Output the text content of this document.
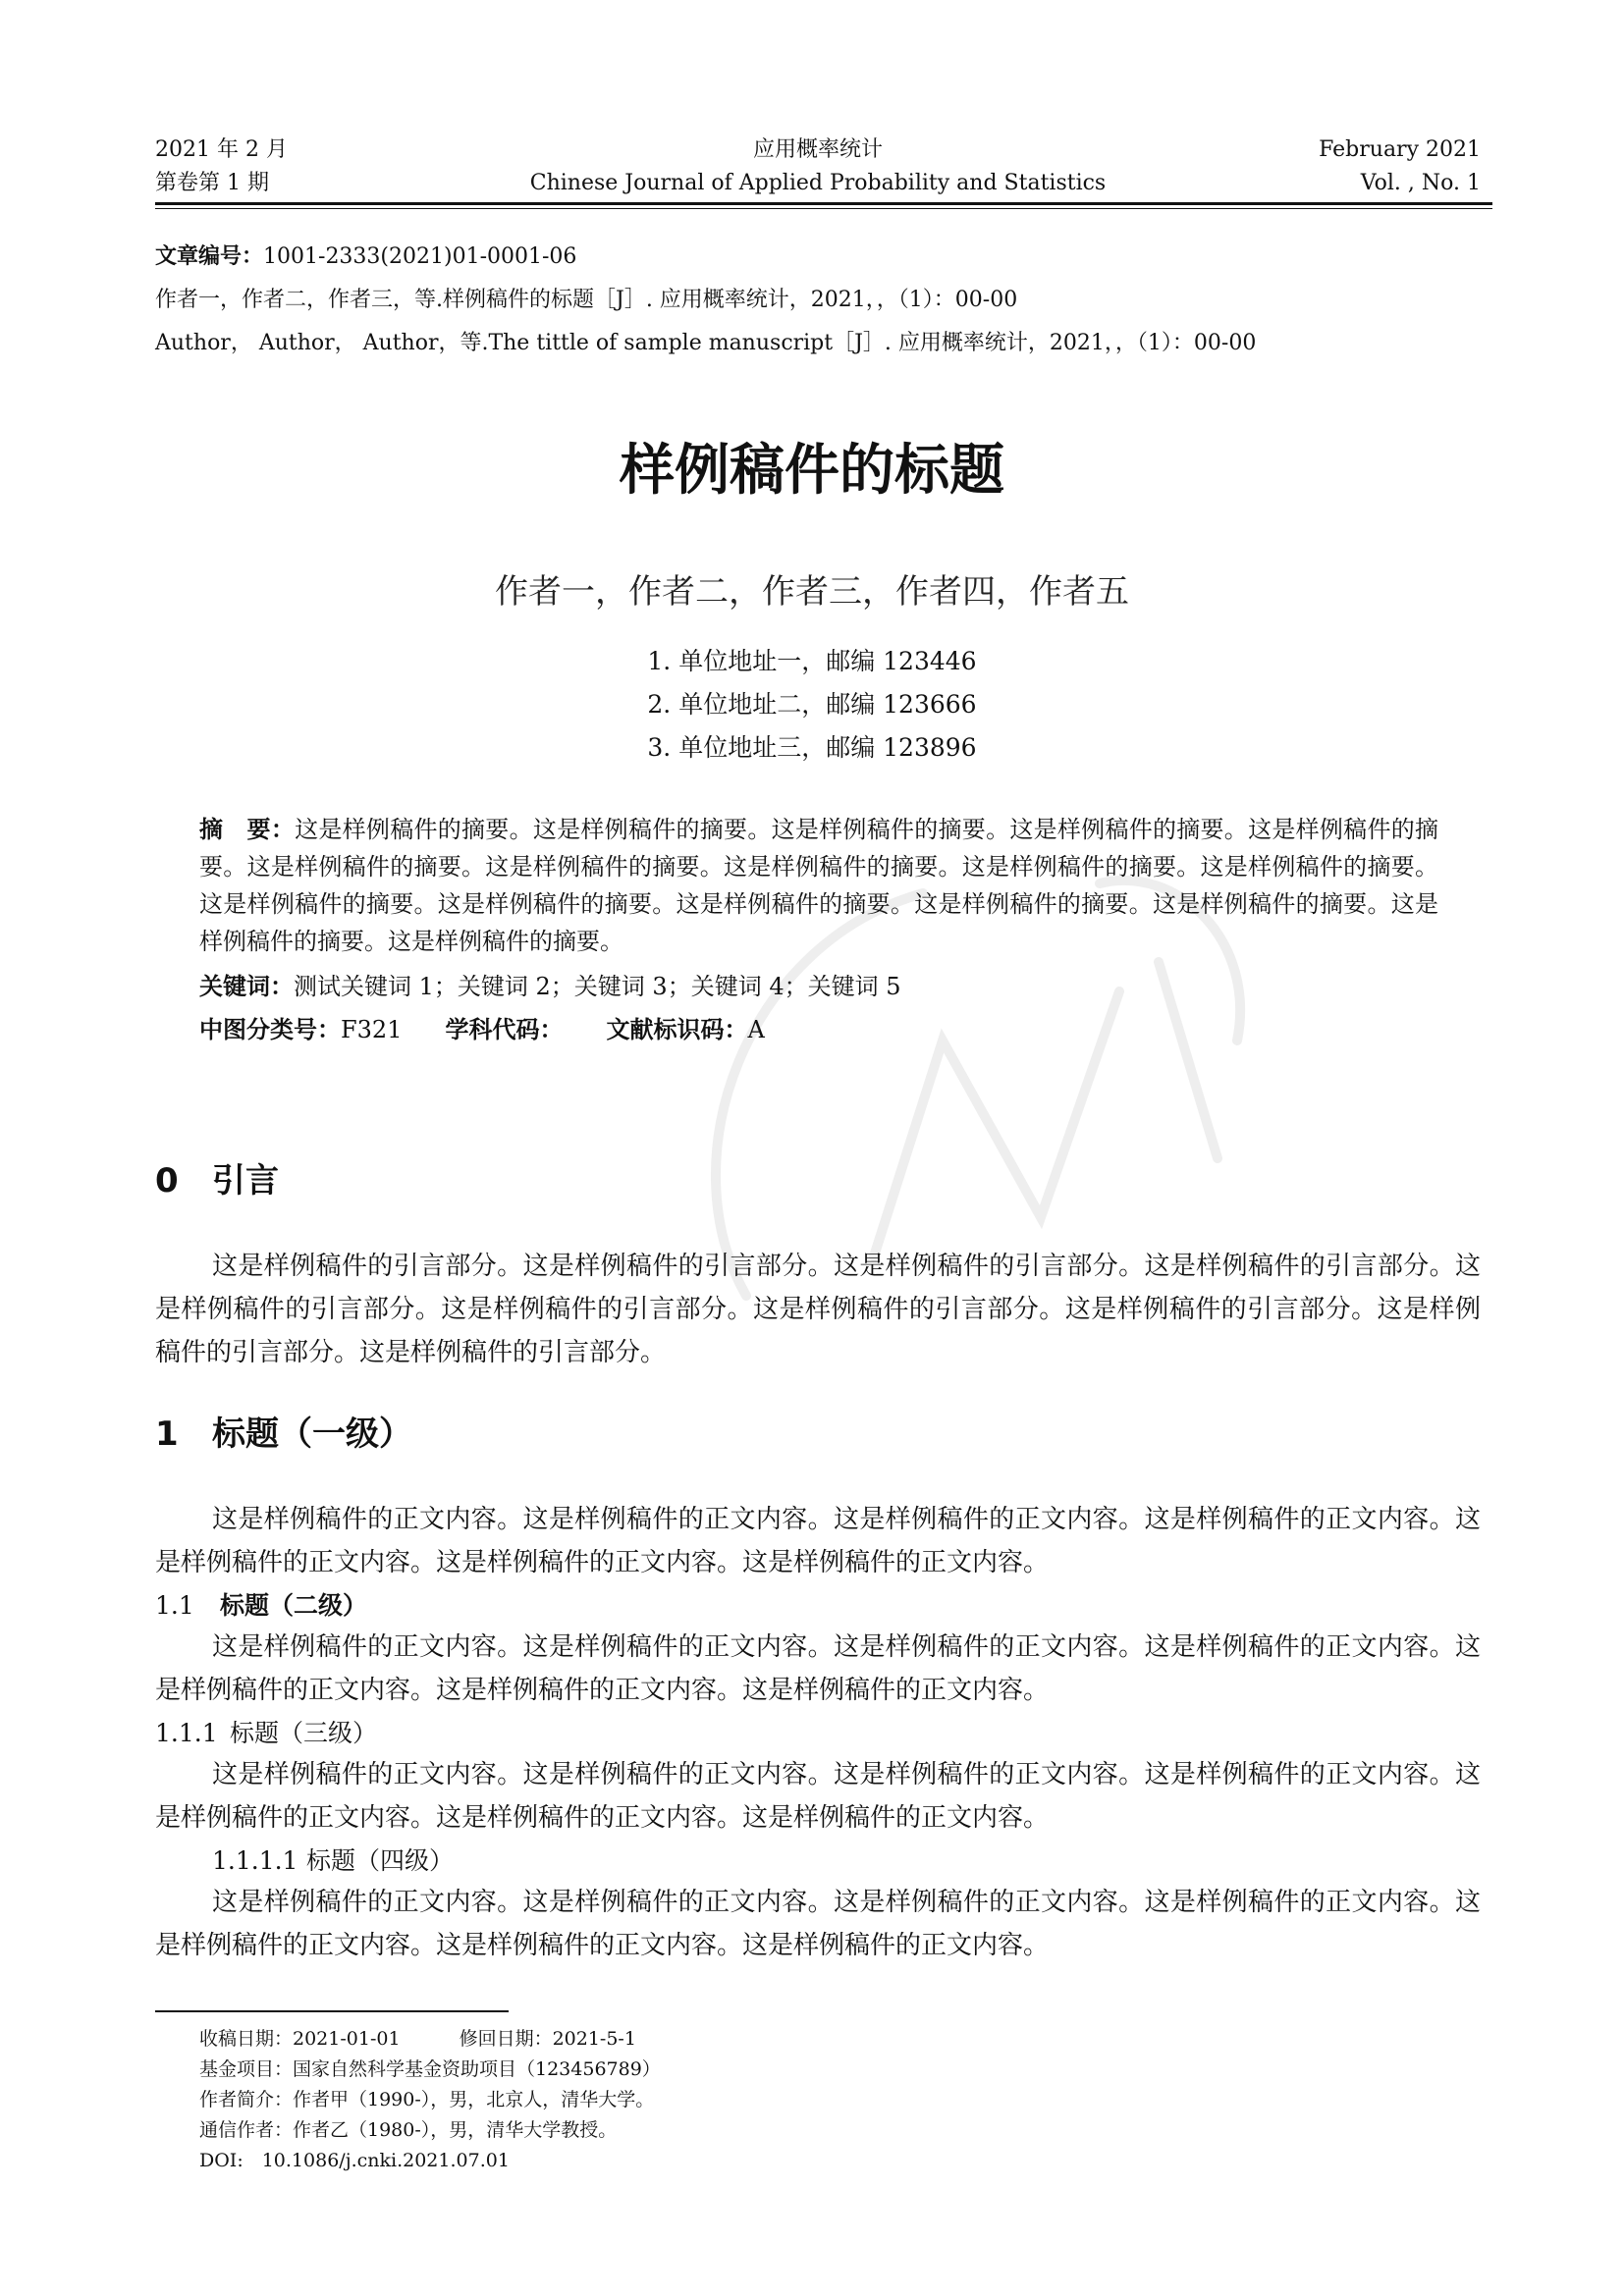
2021 年 2 月
第卷第 1 期
应用概率统计
Chinese Journal of Applied Probability and Statistics
February 2021
Vol. , No. 1
文章编号：1001-2333(2021)01-0001-06
作者一，作者二，作者三，等.样例稿件的标题［J］. 应用概率统计，2021，，（1）：00-00
Author， Author， Author，等.The tittle of sample manuscript［J］. 应用概率统计，2021，，（1）：00-00
样例稿件的标题
作者一，作者二，作者三，作者四，作者五
1. 单位地址一，邮编 123446
2. 单位地址二，邮编 123666
3. 单位地址三，邮编 123896
摘　要：这是样例稿件的摘要。这是样例稿件的摘要。这是样例稿件的摘要。这是样例稿件的摘要。这是样例稿件的摘要。这是样例稿件的摘要。这是样例稿件的摘要。这是样例稿件的摘要。这是样例稿件的摘要。这是样例稿件的摘要。这是样例稿件的摘要。这是样例稿件的摘要。这是样例稿件的摘要。这是样例稿件的摘要。这是样例稿件的摘要。这是样例稿件的摘要。这是样例稿件的摘要。
关键词：测试关键词 1；关键词 2；关键词 3；关键词 4；关键词 5
中图分类号：F321 学科代码： 文献标识码：A
0 引言
这是样例稿件的引言部分。这是样例稿件的引言部分。这是样例稿件的引言部分。这是样例稿件的引言部分。这是样例稿件的引言部分。这是样例稿件的引言部分。这是样例稿件的引言部分。这是样例稿件的引言部分。这是样例稿件的引言部分。这是样例稿件的引言部分。
1 标题（一级）
这是样例稿件的正文内容。这是样例稿件的正文内容。这是样例稿件的正文内容。这是样例稿件的正文内容。这是样例稿件的正文内容。这是样例稿件的正文内容。这是样例稿件的正文内容。
1.1 标题（二级）
这是样例稿件的正文内容。这是样例稿件的正文内容。这是样例稿件的正文内容。这是样例稿件的正文内容。这是样例稿件的正文内容。这是样例稿件的正文内容。这是样例稿件的正文内容。
1.1.1 标题（三级）
这是样例稿件的正文内容。这是样例稿件的正文内容。这是样例稿件的正文内容。这是样例稿件的正文内容。这是样例稿件的正文内容。这是样例稿件的正文内容。这是样例稿件的正文内容。
1.1.1.1 标题（四级）
这是样例稿件的正文内容。这是样例稿件的正文内容。这是样例稿件的正文内容。这是样例稿件的正文内容。这是样例稿件的正文内容。这是样例稿件的正文内容。这是样例稿件的正文内容。
收稿日期：2021-01-01	修回日期：2021-5-1
基金项目：国家自然科学基金资助项目（123456789）
作者简介：作者甲（1990-），男，北京人，清华大学。
通信作者：作者乙（1980-），男，清华大学教授。
DOI:　10.1086/j.cnki.2021.07.01
